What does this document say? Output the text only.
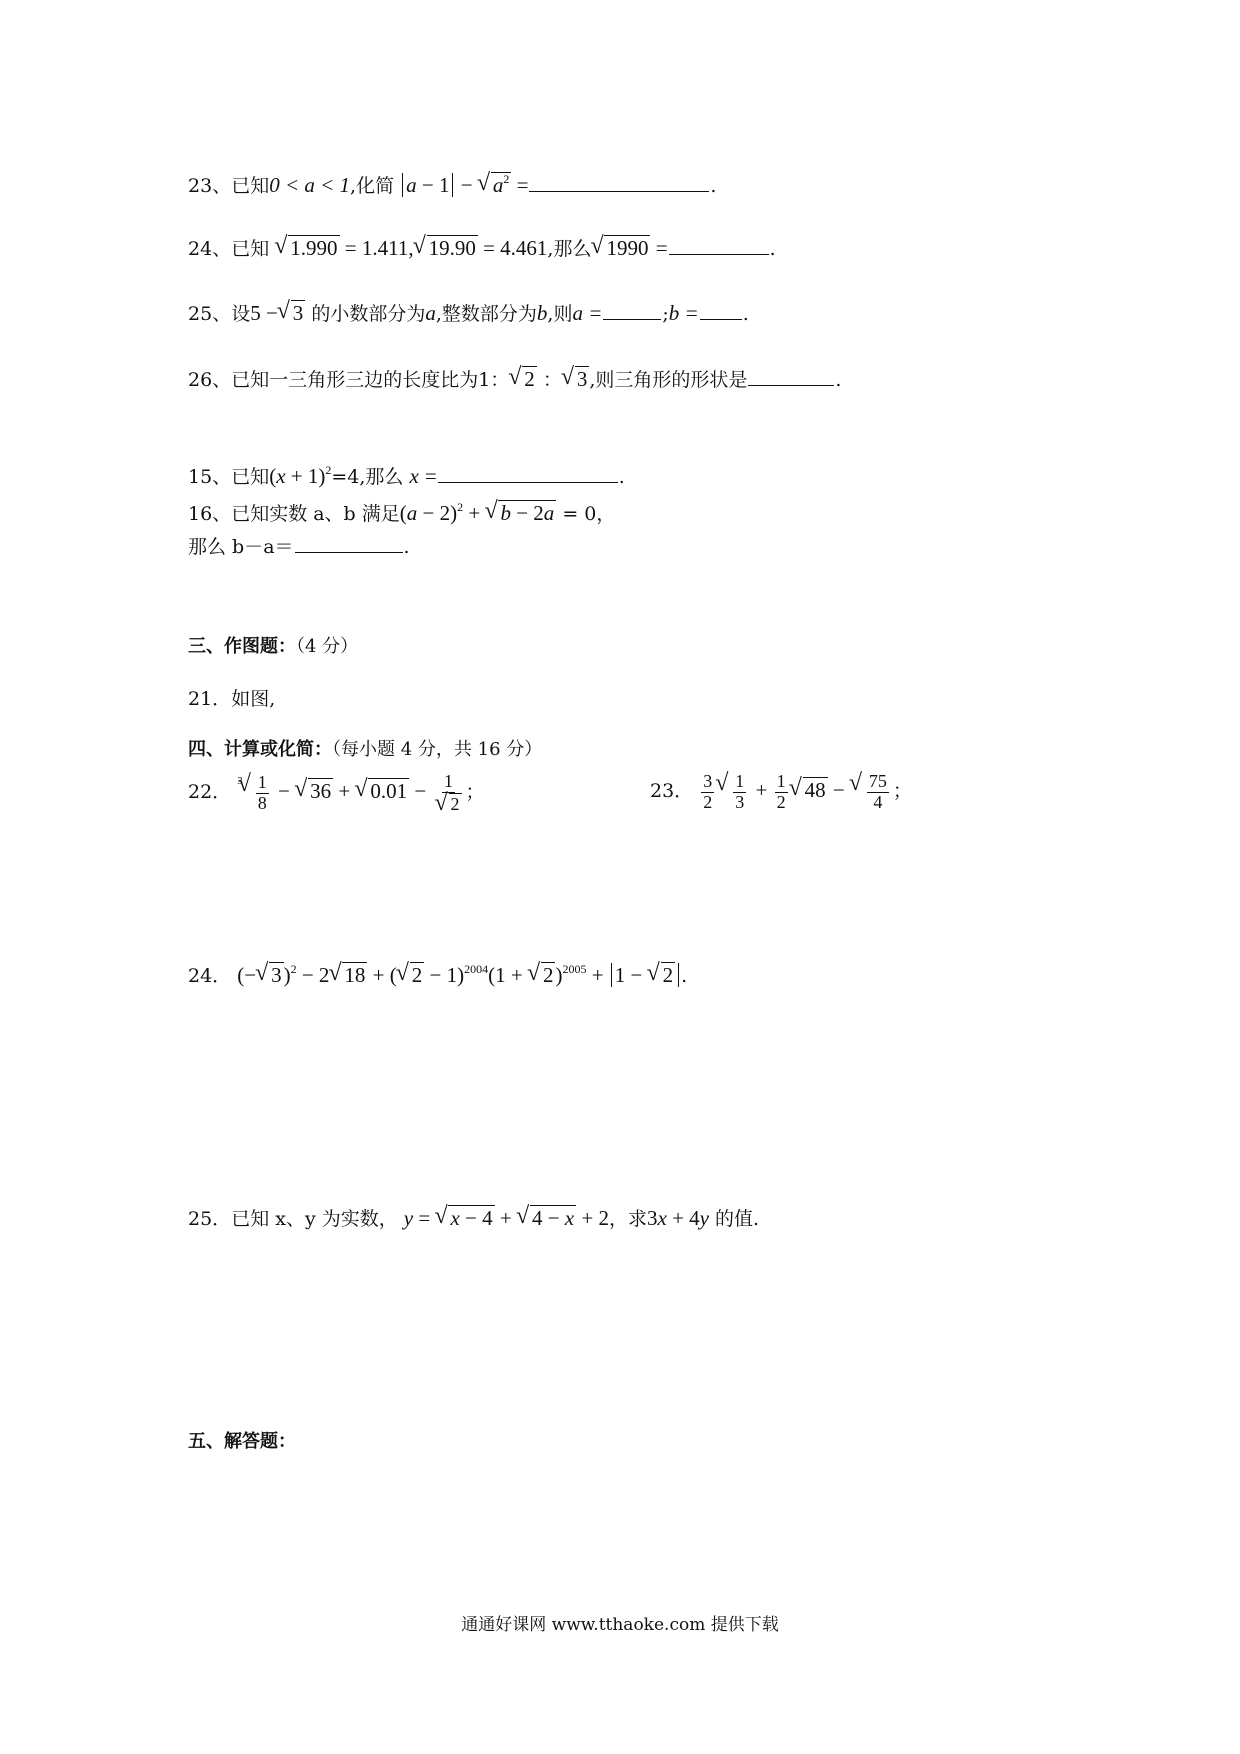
23、已知0 < a < 1,化简 a − 1 − √ $a^2$ =	.
24、已知 √ 1.990 = 1.411, √ 19.90 = 4.461,那么 √ 1990 =	.
25、设5 − √ 3 的小数部分为a,整数部分为b,则a =	;b = .
26、已知一三角形三边的长度比为1： √ 2 ： √ 3 ,则三角形的形状是	.
15、已知$(x + 1)^2=4$,那么 x =	.
16、已知实数 a、b 满足$(a - 2)^2$ + √ b − 2a = 0，
那么 b－a＝	.
三、作图题：（4 分）
21．如图,
四、计算或化简：（每小题 4 分，共 16 分）
22． $^3$ √ $\frac{1}{8}$ − √ 36 + √ 0.01 − 1
√ 2 ；	23． $\frac{3}{2}$ √ $\frac{1}{3} + \frac{1}{2}$ √ 48 − √ $\frac{75}{4}$ ；
24． (− √ 3)$^2$ − 2 √ 18 + ( √ 2 − 1)$^{2004}$(1 + √ 2)$^{2005}$ + 1 − √ 2 .
25．已知 x、y 为实数， y = √ x − 4 + √ 4 − x + 2，求3x + 4y 的值.
五、解答题：
通通好课网 www.tthaoke.com 提供下载
